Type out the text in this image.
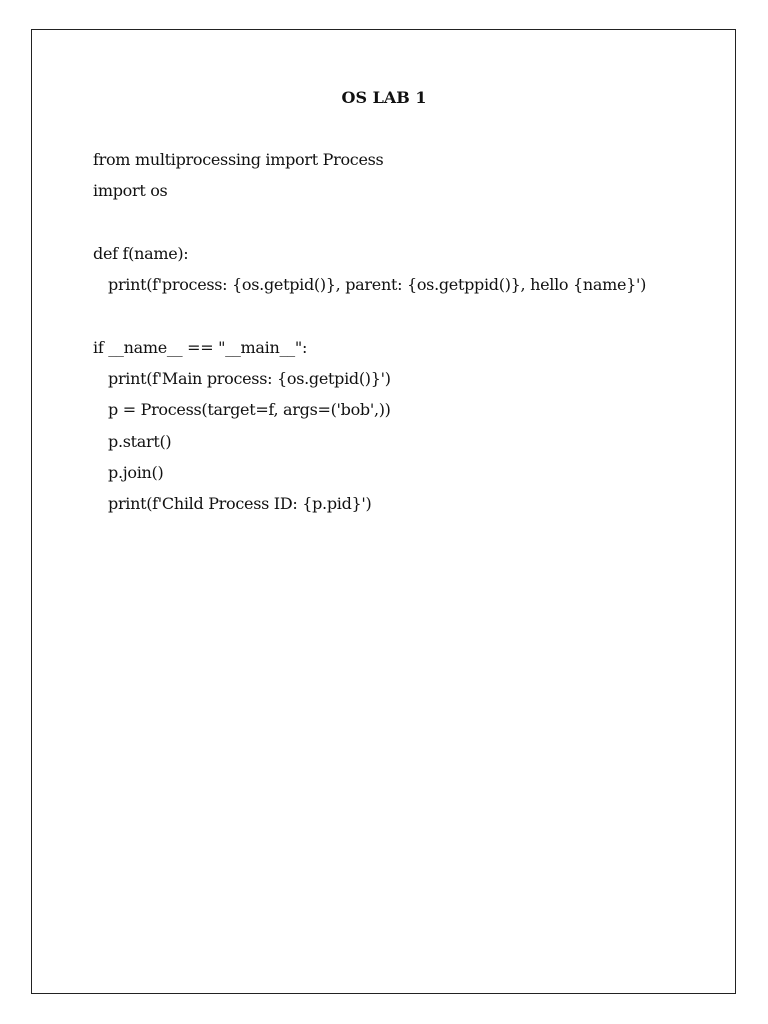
OS LAB 1
from multiprocessing import Process
import os
def f(name):
print(f'process: {os.getpid()}, parent: {os.getppid()}, hello {name}')
if __name__ == "__main__":
print(f'Main process: {os.getpid()}')
p = Process(target=f, args=('bob',))
p.start()
p.join()
print(f'Child Process ID: {p.pid}')
